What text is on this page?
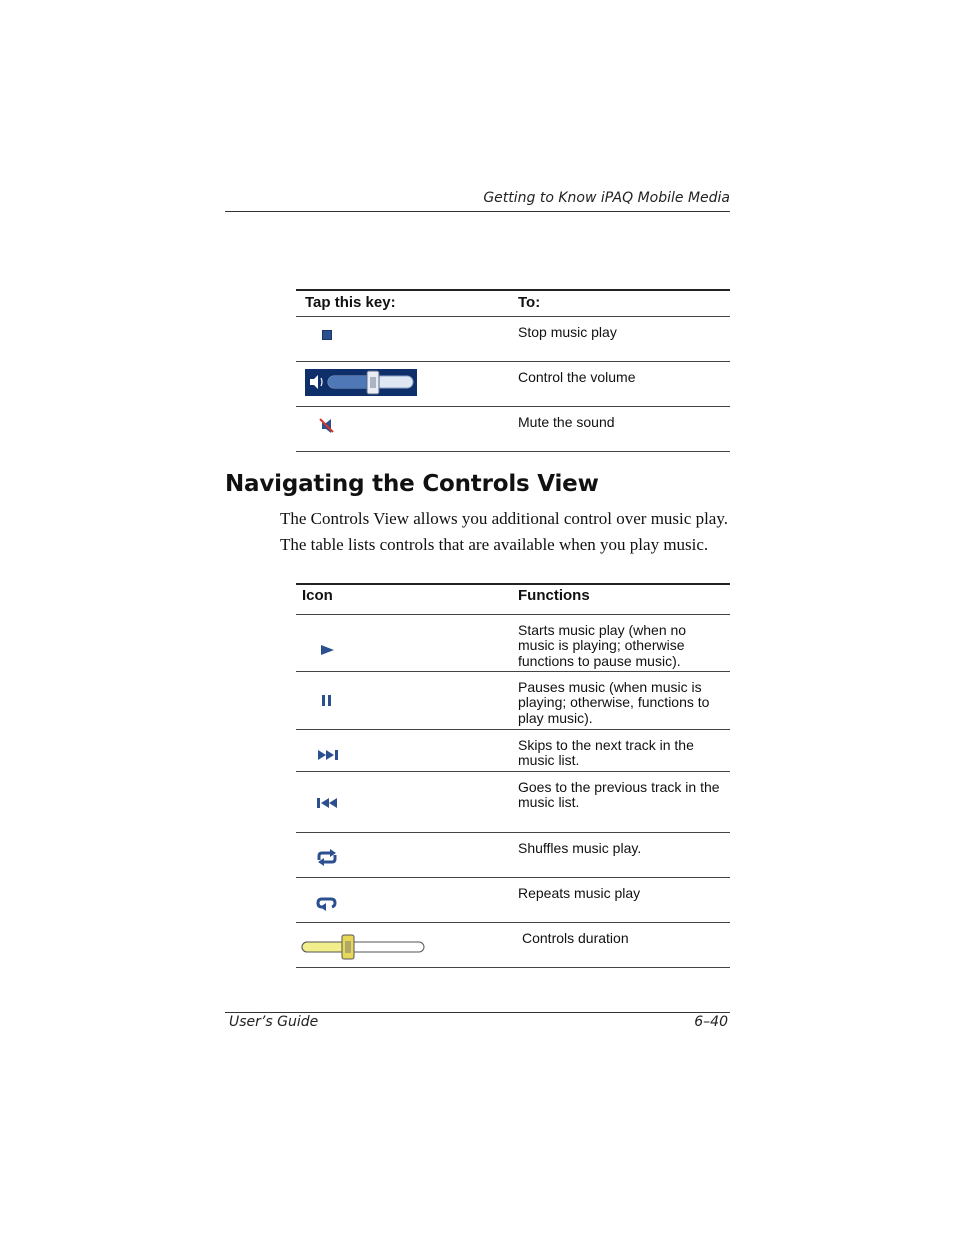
Getting to Know iPAQ Mobile Media
Tap this key:	To:

	Stop music play

	Control the volume

	Mute the sound
Navigating the Controls View
The Controls View allows you additional control over music play.
The table lists controls that are available when you play music.
Icon	Functions

	Starts music play (when no music is playing; otherwise functions to pause music).

	Pauses music (when music is playing; otherwise, functions to play music).

	Skips to the next track in the music list.

	Goes to the previous track in the music list.

	Shuffles music play.

	Repeats music play

	Controls duration
User’s Guide	6–40
